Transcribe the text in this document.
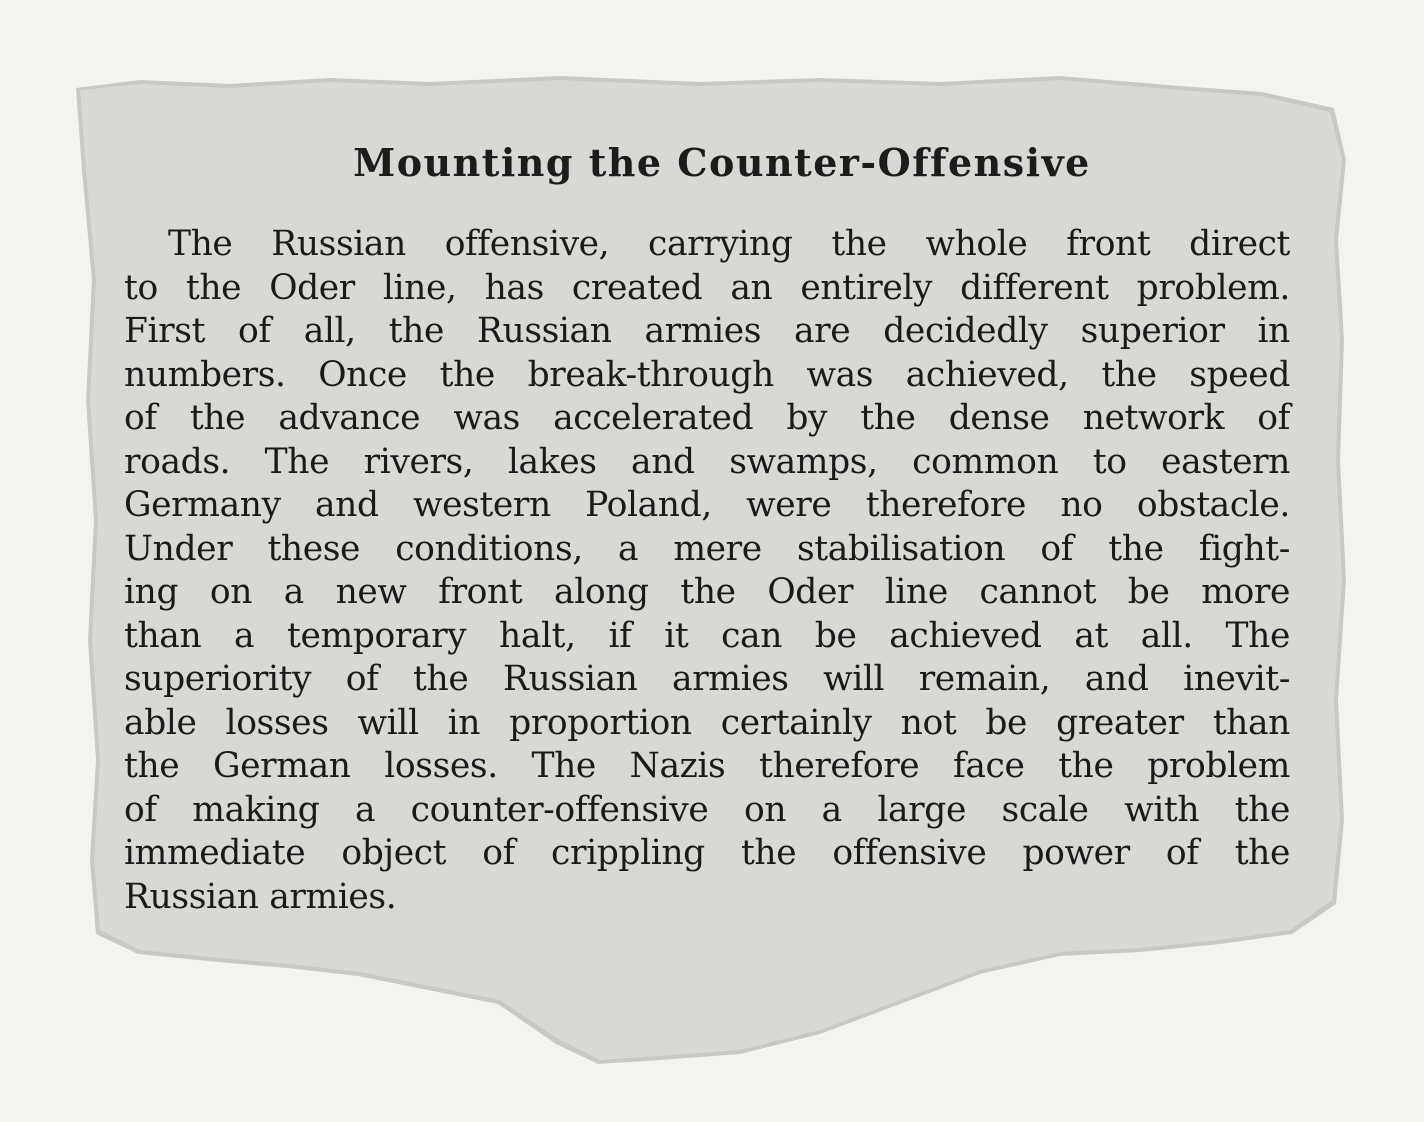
Mounting the Counter-Offensive
The Russian offensive, carrying the whole front direct
to the Oder line, has created an entirely different problem.
First of all, the Russian armies are decidedly superior in
numbers. Once the break-through was achieved, the speed
of the advance was accelerated by the dense network of
roads. The rivers, lakes and swamps, common to eastern
Germany and western Poland, were therefore no obstacle.
Under these conditions, a mere stabilisation of the fight-
ing on a new front along the Oder line cannot be more
than a temporary halt, if it can be achieved at all. The
superiority of the Russian armies will remain, and inevit-
able losses will in proportion certainly not be greater than
the German losses. The Nazis therefore face the problem
of making a counter-offensive on a large scale with the
immediate object of crippling the offensive power of the
Russian armies.
